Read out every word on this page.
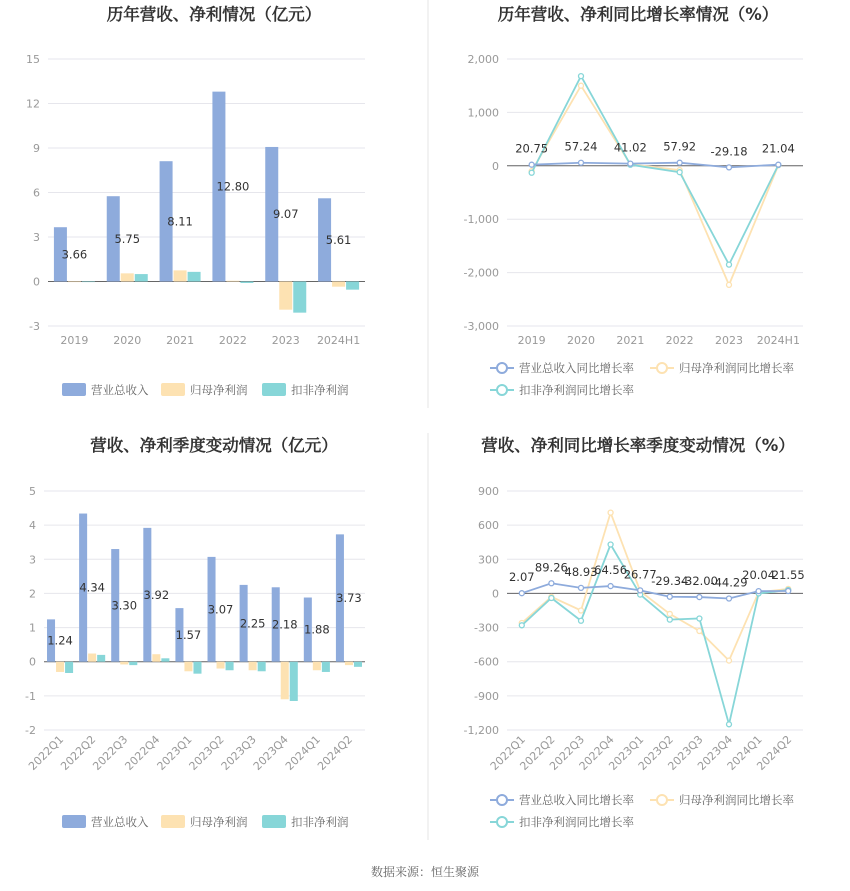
数据来源：恒生聚源
历年营收、净利情况（亿元）
-3
0
3
6
9
12
15
2019 2020 2021 2022 2023 2024H1
3.66
5.75
8.11
12.80
9.07
5.61
营业总收入	归母净利润	扣非净利润
历年营收、净利同比增长率情况（%）
-3,000
-2,000
-1,000
0
1,000
2,000
2019 2020 2021 2022 2023 2024H1
20.75 57.24 41.02 57.92 -29.18 21.04
营业总收入同比增长率	归母净利润同比增长率
扣非净利润同比增长率
营收、净利季度变动情况（亿元）
-2
-1
0
1
2
3
4
5
2022Q1
2022Q2
2022Q3
2022Q4
2023Q1
2023Q2
2023Q3
2023Q4
2024Q1
2024Q2
1.24
4.34
3.30
3.92
1.57
3.07
2.25 2.18 1.88
3.73
营业总收入	归母净利润	扣非净利润
营收、净利同比增长率季度变动情况（%）
-1,200
-900
-600
-300
0
300
600
900
2022Q1
2022Q2
2022Q3
2022Q4
2023Q1
2023Q2
2023Q3
2023Q4
2024Q1
2024Q2
2.07
89.26
48.93
64.56
26.77
-29.34
-32.00
-44.29
20.04
21.55
营业总收入同比增长率	归母净利润同比增长率
扣非净利润同比增长率
